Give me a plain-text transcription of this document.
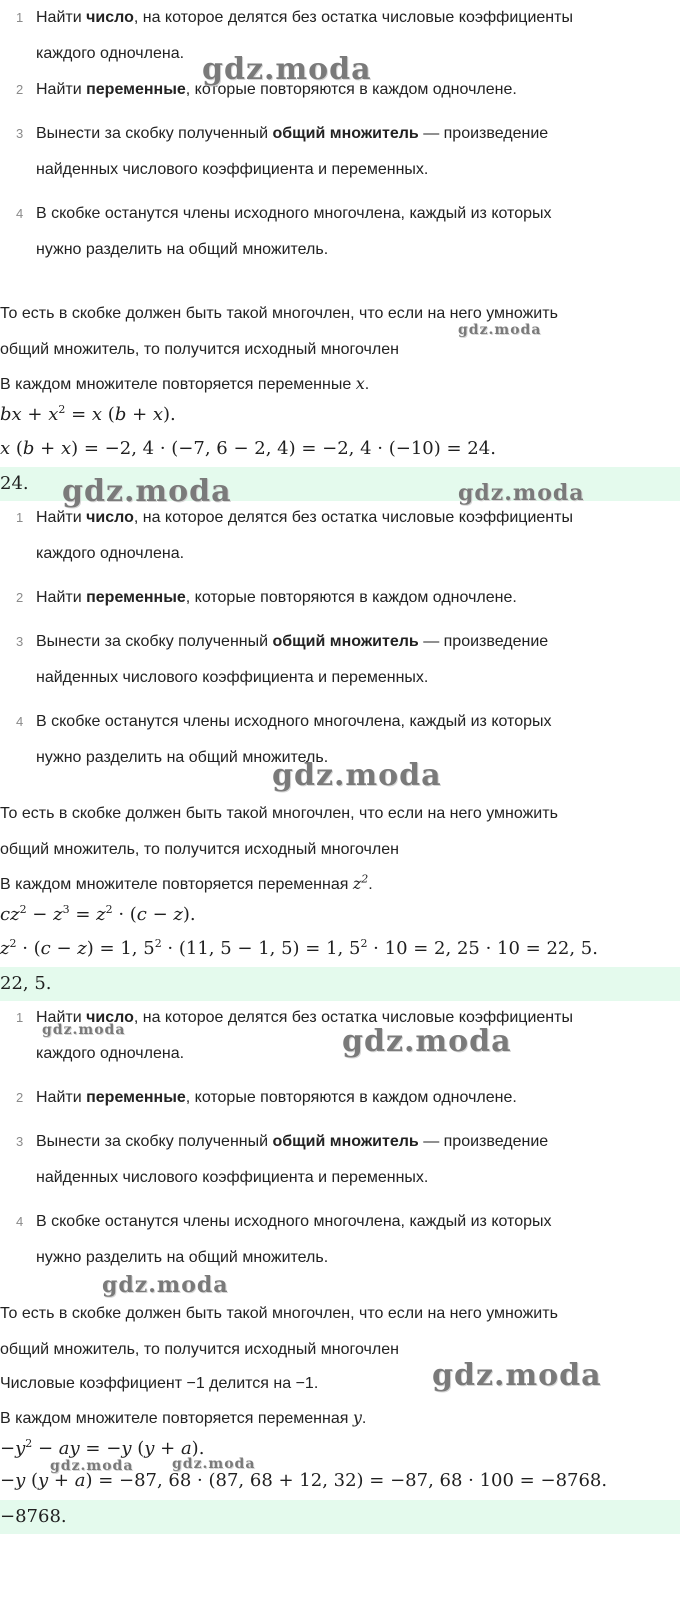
1 Найти число, на которое делятся без остатка числовые коэффициенты
каждого одночлена.
2 Найти переменные, которые повторяются в каждом одночлене.
3 Вынести за скобку полученный общий множитель — произведение
найденных числового коэффициента и переменных.
4 В скобке останутся члены исходного многочлена, каждый из которых
нужно разделить на общий множитель.
То есть в скобке должен быть такой многочлен, что если на него умножить
общий множитель, то получится исходный многочлен
В каждом множителе повторяется переменные x.
bx + $x^2 = x$ (b + x).
x (b + x) = −2, 4 · (−7, 6 − 2, 4) = −2, 4 · (−10) = 24.
24.
1 Найти число, на которое делятся без остатка числовые коэффициенты
каждого одночлена.
2 Найти переменные, которые повторяются в каждом одночлене.
3 Вынести за скобку полученный общий множитель — произведение
найденных числового коэффициента и переменных.
4 В скобке останутся члены исходного многочлена, каждый из которых
нужно разделить на общий множитель.
То есть в скобке должен быть такой многочлен, что если на него умножить
общий множитель, то получится исходный многочлен
В каждом множителе повторяется переменная $z^2$.
$cz^2 - z^3 = z^2 \cdot (c - z)$.
$z^2 \cdot (c - z) = 1$, $5^2 \cdot (11$, 5 − 1, 5) = 1, $5^2 \cdot 10 = 2$, 25 · 10 = 22, 5.
22, 5.
1 Найти число, на которое делятся без остатка числовые коэффициенты
каждого одночлена.
2 Найти переменные, которые повторяются в каждом одночлене.
3 Вынести за скобку полученный общий множитель — произведение
найденных числового коэффициента и переменных.
4 В скобке останутся члены исходного многочлена, каждый из которых
нужно разделить на общий множитель.
То есть в скобке должен быть такой многочлен, что если на него умножить
общий множитель, то получится исходный многочлен
Числовые коэффициент −1 делится на −1.
В каждом множителе повторяется переменная y.
$-y^2$ − ay = −y (y + a).
−y (y + a) = −87, 68 · (87, 68 + 12, 32) = −87, 68 · 100 = −8768.
−8768.
gdz.moda
gdz.moda
gdz.moda	gdz.moda
gdz.moda
gdz.moda	gdz.moda
gdz.moda
gdz.moda
gdz.moda	gdz.moda
